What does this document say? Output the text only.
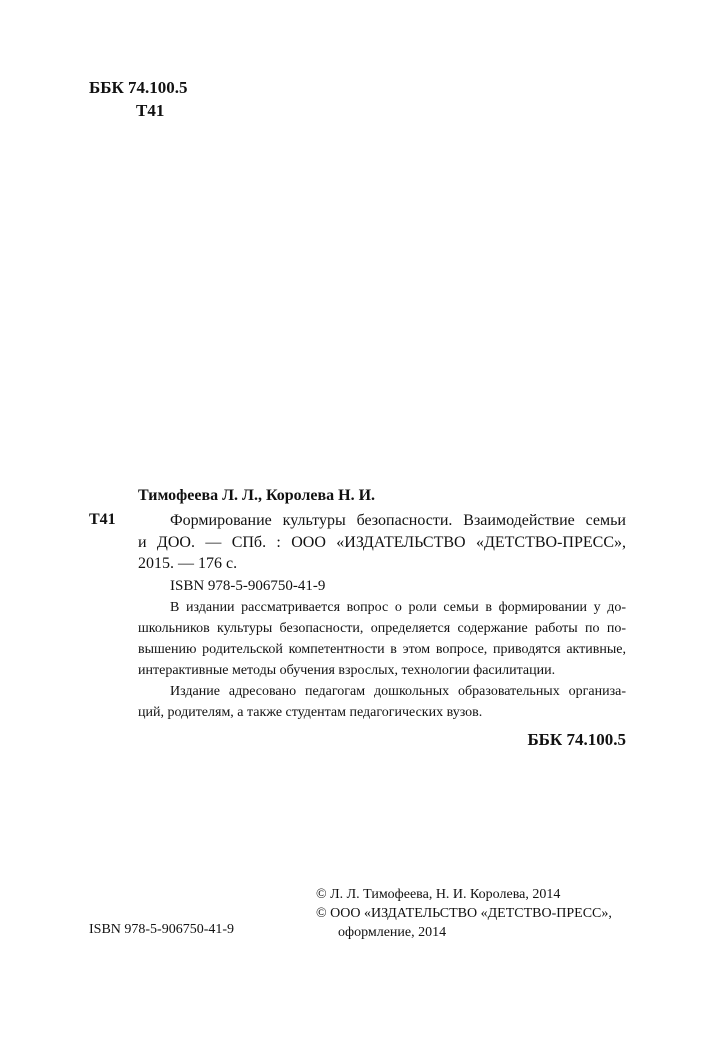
ББК 74.100.5
Т41
Тимофеева Л. Л., Королева Н. И.
Т41	Формирование культуры безопасности. Взаимодействие семьи
и ДОО. — СПб. : ООО «ИЗДАТЕЛЬСТВО «ДЕТСТВО-ПРЕСС»,
2015. — 176 с.
ISBN 978-5-906750-41-9
В издании рассматривается вопрос о роли семьи в формировании у до-
школьников культуры безопасности, определяется содержание работы по по-
вышению родительской компетентности в этом вопросе, приводятся активные,
интерактивные методы обучения взрослых, технологии фасилитации.
Издание адресовано педагогам дошкольных образовательных организа-
ций, родителям, а также студентам педагогических вузов.
ББК 74.100.5
© Л. Л. Тимофеева, Н. И. Королева, 2014
© ООО «ИЗДАТЕЛЬСТВО «ДЕТСТВО-ПРЕСС»,
оформление, 2014
ISBN 978-5-906750-41-9
